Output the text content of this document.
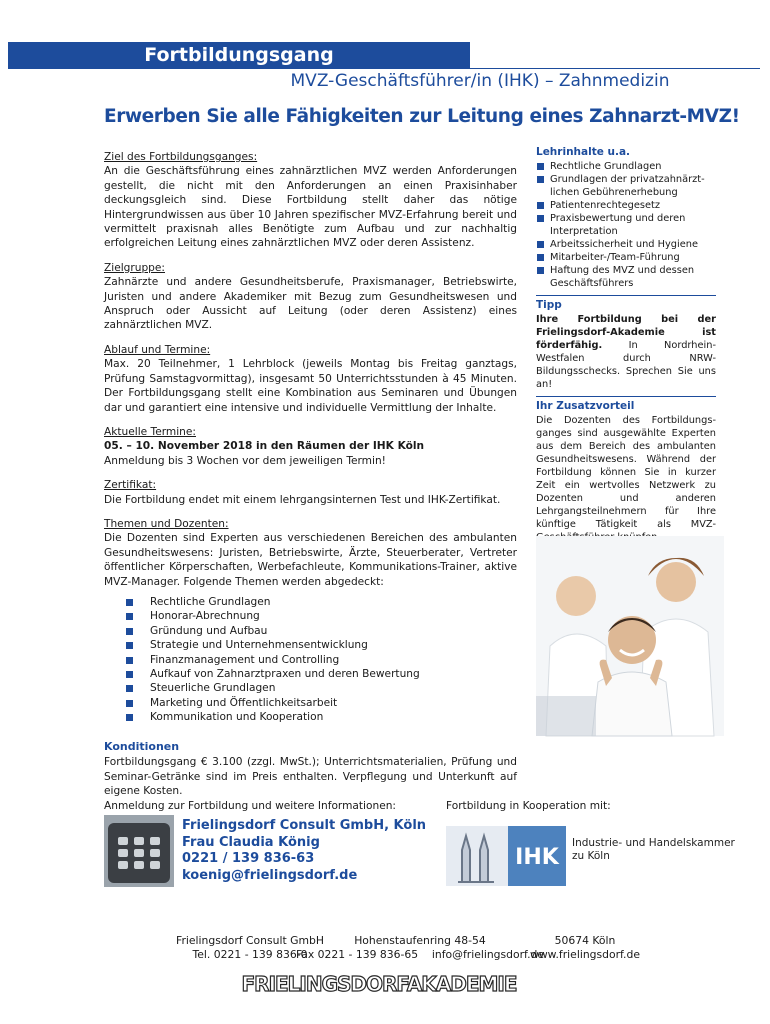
Fortbildungsgang
MVZ-Geschäftsführer/in (IHK) – Zahnmedizin
Erwerben Sie alle Fähigkeiten zur Leitung eines Zahnarzt-MVZ!
Ziel des Fortbildungsganges:
An die Geschäftsführung eines zahnärztlichen MVZ werden Anforderungen gestellt, die nicht mit den Anforderungen an einen Praxisinhaber deckungsgleich sind. Diese Fortbildung stellt daher das nötige Hintergrundwissen aus über 10 Jahren spezifischer MVZ-Erfahrung bereit und vermittelt praxisnah alles Benötigte zum Aufbau und zur nachhaltig erfolgreichen Leitung eines zahnärztlichen MVZ oder deren Assistenz.
Zielgruppe:
Zahnärzte und andere Gesundheitsberufe, Praxismanager, Betriebswirte, Juristen und andere Akademiker mit Bezug zum Gesundheitswesen und Anspruch oder Aussicht auf Leitung (oder deren Assistenz) eines zahnärztlichen MVZ.
Ablauf und Termine:
Max. 20 Teilnehmer, 1 Lehrblock (jeweils Montag bis Freitag ganztags, Prüfung Samstagvormittag), insgesamt 50 Unterrichtsstunden à 45 Minuten. Der Fortbildungsgang stellt eine Kombination aus Seminaren und Übungen dar und garantiert eine intensive und individuelle Vermittlung der Inhalte.
Aktuelle Termine:
05. – 10. November 2018 in den Räumen der IHK Köln
Anmeldung bis 3 Wochen vor dem jeweiligen Termin!
Zertifikat:
Die Fortbildung endet mit einem lehrgangsinternen Test und IHK-Zertifikat.
Themen und Dozenten:
Die Dozenten sind Experten aus verschiedenen Bereichen des ambulanten Gesundheitswesens: Juristen, Betriebswirte, Ärzte, Steuerberater, Vertreter öffentlicher Körperschaften, Werbefachleute, Kommunikations-Trainer, aktive MVZ-Manager. Folgende Themen werden abgedeckt:
Rechtliche Grundlagen
Honorar-Abrechnung
Gründung und Aufbau
Strategie und Unternehmensentwicklung
Finanzmanagement und Controlling
Aufkauf von Zahnarztpraxen und deren Bewertung
Steuerliche Grundlagen
Marketing und Öffentlichkeitsarbeit
Kommunikation und Kooperation
Lehrinhalte u.a.
Rechtliche Grundlagen
Grundlagen der privatzahnärzt-lichen Gebührenerhebung
Patientenrechtegesetz
Praxisbewertung und deren Interpretation
Arbeitssicherheit und Hygiene
Mitarbeiter-/Team-Führung
Haftung des MVZ und dessen Geschäftsführers
Tipp
Ihre Fortbildung bei der Frielingsdorf-Akademie ist förderfähig. In Nordrhein-Westfalen durch NRW-Bildungsschecks. Sprechen Sie uns an!
Ihr Zusatzvorteil
Die Dozenten des Fortbildungs-ganges sind ausgewählte Experten aus dem Bereich des ambulanten Gesundheitswesens. Während der Fortbildung können Sie in kurzer Zeit ein wertvolles Netzwerk zu Dozenten und anderen Lehrgangsteilnehmern für Ihre künftige Tätigkeit als MVZ-
Konditionen
Fortbildungsgang € 3.100 (zzgl. MwSt.); Unterrichtsmaterialien, Prüfung und Seminar-Getränke sind im Preis enthalten. Verpflegung und Unterkunft auf eigene Kosten.
Anmeldung zur Fortbildung und weitere Informationen:	Fortbildung in Kooperation mit:
Frielingsdorf Consult GmbH, Köln
Frau Claudia König
0221 / 139 836-63
koenig@frielingsdorf.de
IHK
Industrie- und Handelskammer
zu Köln
Frielingsdorf Consult GmbH
Tel. 0221 - 139 836-0
Hohenstaufenring 48-54
Fax 0221 - 139 836-65 info@frielingsdorf.de
50674 Köln
www.frielingsdorf.de
FRIELINGSDORFAKADEMIE
